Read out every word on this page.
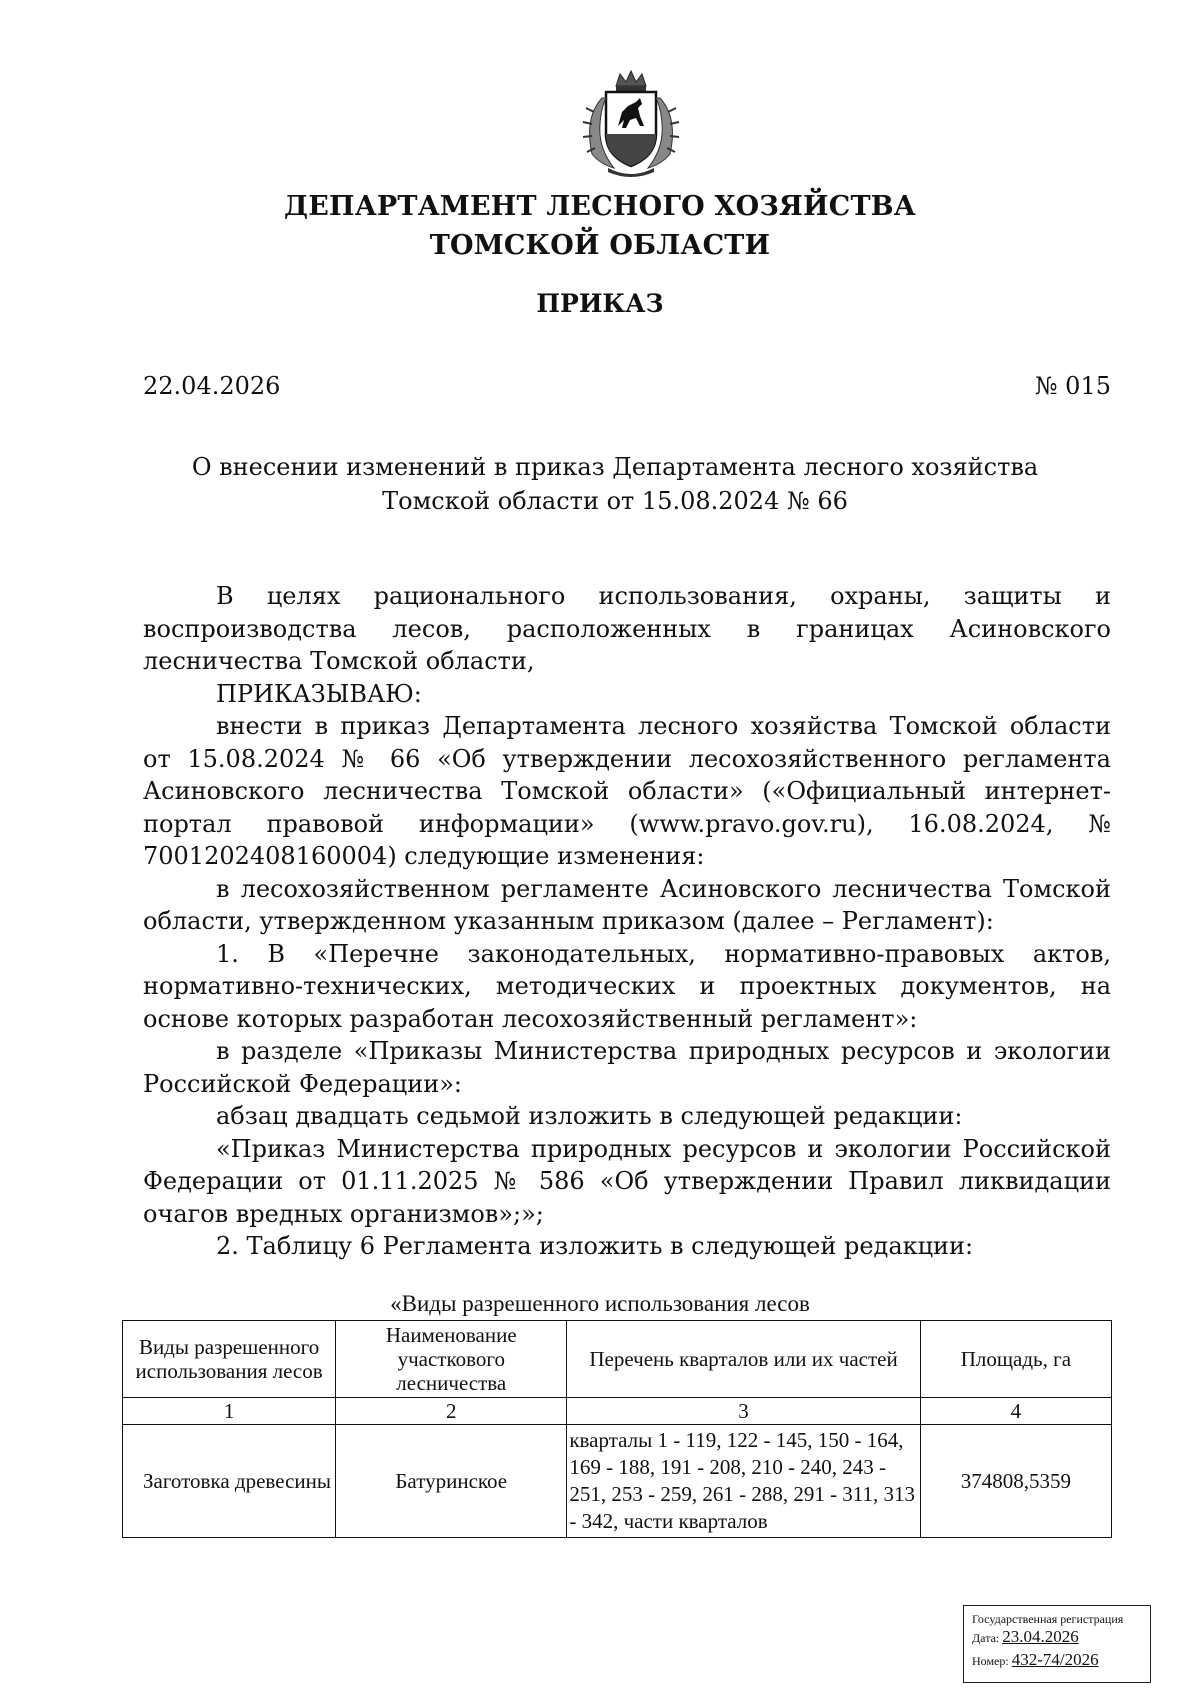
ДЕПАРТАМЕНТ ЛЕСНОГО ХОЗЯЙСТВА
ТОМСКОЙ ОБЛАСТИ
ПРИКАЗ
22.04.2026	№ 015
О внесении изменений в приказ Департамента лесного хозяйства Томской области от 15.08.2024 № 66

В целях рационального использования, охраны, защиты и воспроизводства лесов, расположенных в границах Асиновского лесничества Томской области,

ПРИКАЗЫВАЮ:

внести в приказ Департамента лесного хозяйства Томской области от 15.08.2024 № 66 «Об утверждении лесохозяйственного регламента Асиновского лесничества Томской области» («Официальный интернет-портал правовой информации» (www.pravo.gov.ru), 16.08.2024, № 7001202408160004) следующие изменения:

в лесохозяйственном регламенте Асиновского лесничества Томской области, утвержденном указанным приказом (далее – Регламент):

1. В «Перечне законодательных, нормативно-правовых актов, нормативно-технических, методических и проектных документов, на основе которых разработан лесохозяйственный регламент»:

в разделе «Приказы Министерства природных ресурсов и экологии Российской Федерации»:

абзац двадцать седьмой изложить в следующей редакции:

«Приказ Министерства природных ресурсов и экологии Российской Федерации от 01.11.2025 № 586 «Об утверждении Правил ликвидации очагов вредных организмов»;»;

2. Таблицу 6 Регламента изложить в следующей редакции:

«Виды разрешенного использования лесов
Виды разрешенного использования лесов	Наименование участкового лесничества	Перечень кварталов или их частей	Площадь, га
1	2	3	4
Заготовка древесины	Батуринское	кварталы 1 - 119, 122 - 145, 150 - 164, 169 - 188, 191 - 208, 210 - 240, 243 - 251, 253 - 259, 261 - 288, 291 - 311, 313 - 342, части кварталов	374808,5359
Государственная регистрация
Дата: 23.04.2026
Номер: 432-74/2026
